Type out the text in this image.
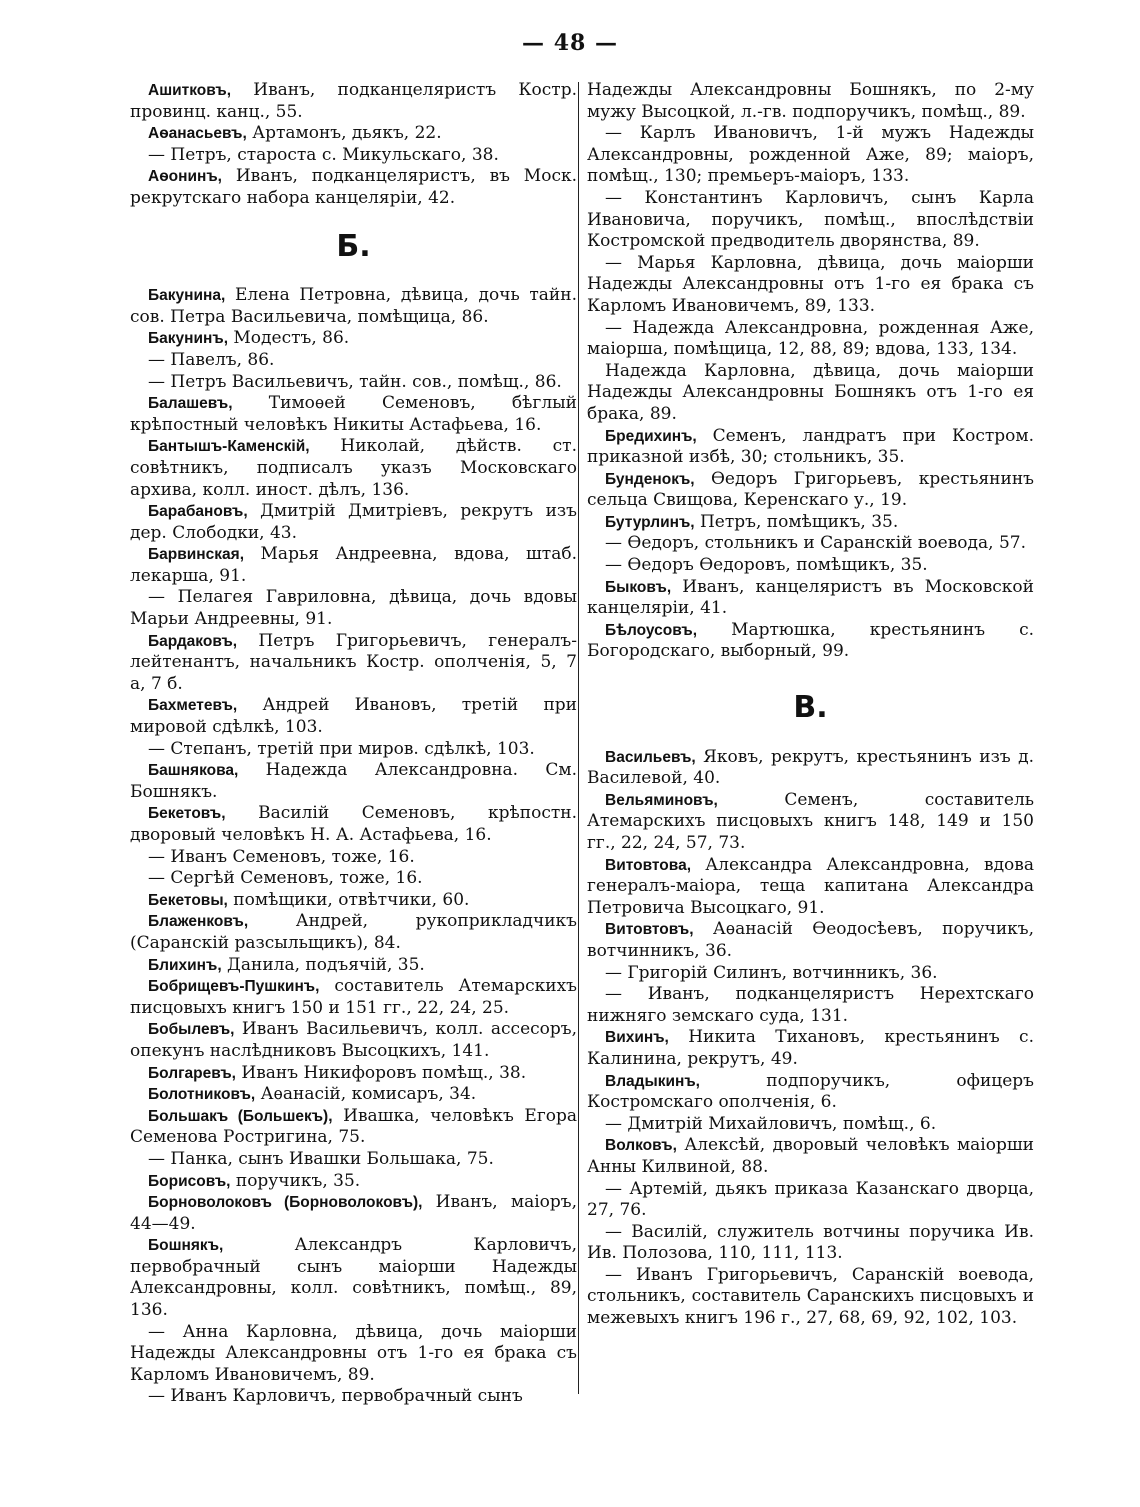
— 48 —

Ашитковъ, Иванъ, подканцеляристъ Костр. провинц. канц., 55.

Аѳанасьевъ, Артамонъ, дьякъ, 22.

— Петръ, староста с. Микульскаго, 38.

Аѳонинъ, Иванъ, подканцеляристъ, въ Моск. рекрутскаго набора канцеляріи, 42.

Б.

Бакунина, Елена Петровна, дѣвица, дочь тайн. сов. Петра Васильевича, помѣщица, 86.

Бакунинъ, Модестъ, 86.

— Павелъ, 86.

— Петръ Васильевичъ, тайн. сов., помѣщ., 86.

Балашевъ, Тимоѳей Семеновъ, бѣглый крѣпостный человѣкъ Никиты Астафьева, 16.

Бантышъ-Каменскій, Николай, дѣйств. ст. совѣтникъ, подписалъ указъ Московскаго архива, колл. иност. дѣлъ, 136.

Барабановъ, Дмитрій Дмитріевъ, рекрутъ изъ дер. Слободки, 43.

Барвинская, Марья Андреевна, вдова, штаб. лекарша, 91.

— Пелагея Гавриловна, дѣвица, дочь вдовы Марьи Андреевны, 91.

Бардаковъ, Петръ Григорьевичъ, генералъ-лейтенантъ, начальникъ Костр. ополченія, 5, 7 а, 7 б.

Бахметевъ, Андрей Ивановъ, третій при мировой сдѣлкѣ, 103.

— Степанъ, третій при миров. сдѣлкѣ, 103.

Башнякова, Надежда Александровна. См. Бошнякъ.

Бекетовъ, Василій Семеновъ, крѣпостн. дворовый человѣкъ Н. А. Астафьева, 16.

— Иванъ Семеновъ, тоже, 16.

— Сергѣй Семеновъ, тоже, 16.

Бекетовы, помѣщики, отвѣтчики, 60.

Блаженковъ, Андрей, рукоприкладчикъ (Саранскій разсыльщикъ), 84.

Блихинъ, Данила, подъячій, 35.

Бобрищевъ-Пушкинъ, составитель Атемарскихъ писцовыхъ книгъ 150 и 151 гг., 22, 24, 25.

Бобылевъ, Иванъ Васильевичъ, колл. ассесоръ, опекунъ наслѣдниковъ Высоцкихъ, 141.

Болгаревъ, Иванъ Никифоровъ помѣщ., 38.

Болотниковъ, Аѳанасій, комисаръ, 34.

Большакъ (Большекъ), Ивашка, человѣкъ Егора Семенова Ростригина, 75.

— Панка, сынъ Ивашки Большака, 75.

Борисовъ, поручикъ, 35.

Борноволоковъ (Борноволоковъ), Иванъ, маіоръ, 44—49.

Бошнякъ, Александръ Карловичъ, первобрачный сынъ маіорши Надежды Александровны, колл. совѣтникъ, помѣщ., 89, 136.

— Анна Карловна, дѣвица, дочь маіорши Надежды Александровны отъ 1-го ея брака съ Карломъ Ивановичемъ, 89.

— Иванъ Карловичъ, первобрачный сынъ

Надежды Александровны Бошнякъ, по 2-му мужу Высоцкой, л.-гв. подпоручикъ, помѣщ., 89.

— Карлъ Ивановичъ, 1-й мужъ Надежды Александровны, рожденной Аже, 89; маіоръ, помѣщ., 130; премьеръ-маіоръ, 133.

— Константинъ Карловичъ, сынъ Карла Ивановича, поручикъ, помѣщ., впослѣдствіи Костромской предводитель дворянства, 89.

— Марья Карловна, дѣвица, дочь маіорши Надежды Александровны отъ 1-го ея брака съ Карломъ Ивановичемъ, 89, 133.

— Надежда Александровна, рожденная Аже, маіорша, помѣщица, 12, 88, 89; вдова, 133, 134.

Надежда Карловна, дѣвица, дочь маіорши Надежды Александровны Бошнякъ отъ 1-го ея брака, 89.

Бредихинъ, Семенъ, ландратъ при Костром. приказной избѣ, 30; стольникъ, 35.

Бунденокъ, Ѳедоръ Григорьевъ, крестьянинъ сельца Свищова, Керенскаго у., 19.

Бутурлинъ, Петръ, помѣщикъ, 35.

— Ѳедоръ, стольникъ и Саранскій воевода, 57.

— Ѳедоръ Ѳедоровъ, помѣщикъ, 35.

Быковъ, Иванъ, канцеляристъ въ Московской канцеляріи, 41.

Бѣлоусовъ, Мартюшка, крестьянинъ с. Богородскаго, выборный, 99.

В.

Васильевъ, Яковъ, рекрутъ, крестьянинъ изъ д. Василевой, 40.

Вельяминовъ, Семенъ, составитель Атемарскихъ писцовыхъ книгъ 148, 149 и 150 гг., 22, 24, 57, 73.

Витовтова, Александра Александровна, вдова генералъ-маіора, теща капитана Александра Петровича Высоцкаго, 91.

Витовтовъ, Аѳанасій Ѳеодосѣевъ, поручикъ, вотчинникъ, 36.

— Григорій Силинъ, вотчинникъ, 36.

— Иванъ, подканцеляристъ Нерехтскаго нижняго земскаго суда, 131.

Вихинъ, Никита Тихановъ, крестьянинъ с. Калинина, рекрутъ, 49.

Владыкинъ, подпоручикъ, офицеръ Костромскаго ополченія, 6.

— Дмитрій Михайловичъ, помѣщ., 6.

Волковъ, Алексѣй, дворовый человѣкъ маіорши Анны Килвиной, 88.

— Артемій, дьякъ приказа Казанскаго дворца, 27, 76.

— Василій, служитель вотчины поручика Ив. Ив. Полозова, 110, 111, 113.

— Иванъ Григорьевичъ, Саранскій воевода, стольникъ, составитель Саранскихъ писцовыхъ и межевыхъ книгъ 196 г., 27, 68, 69, 92, 102, 103.
